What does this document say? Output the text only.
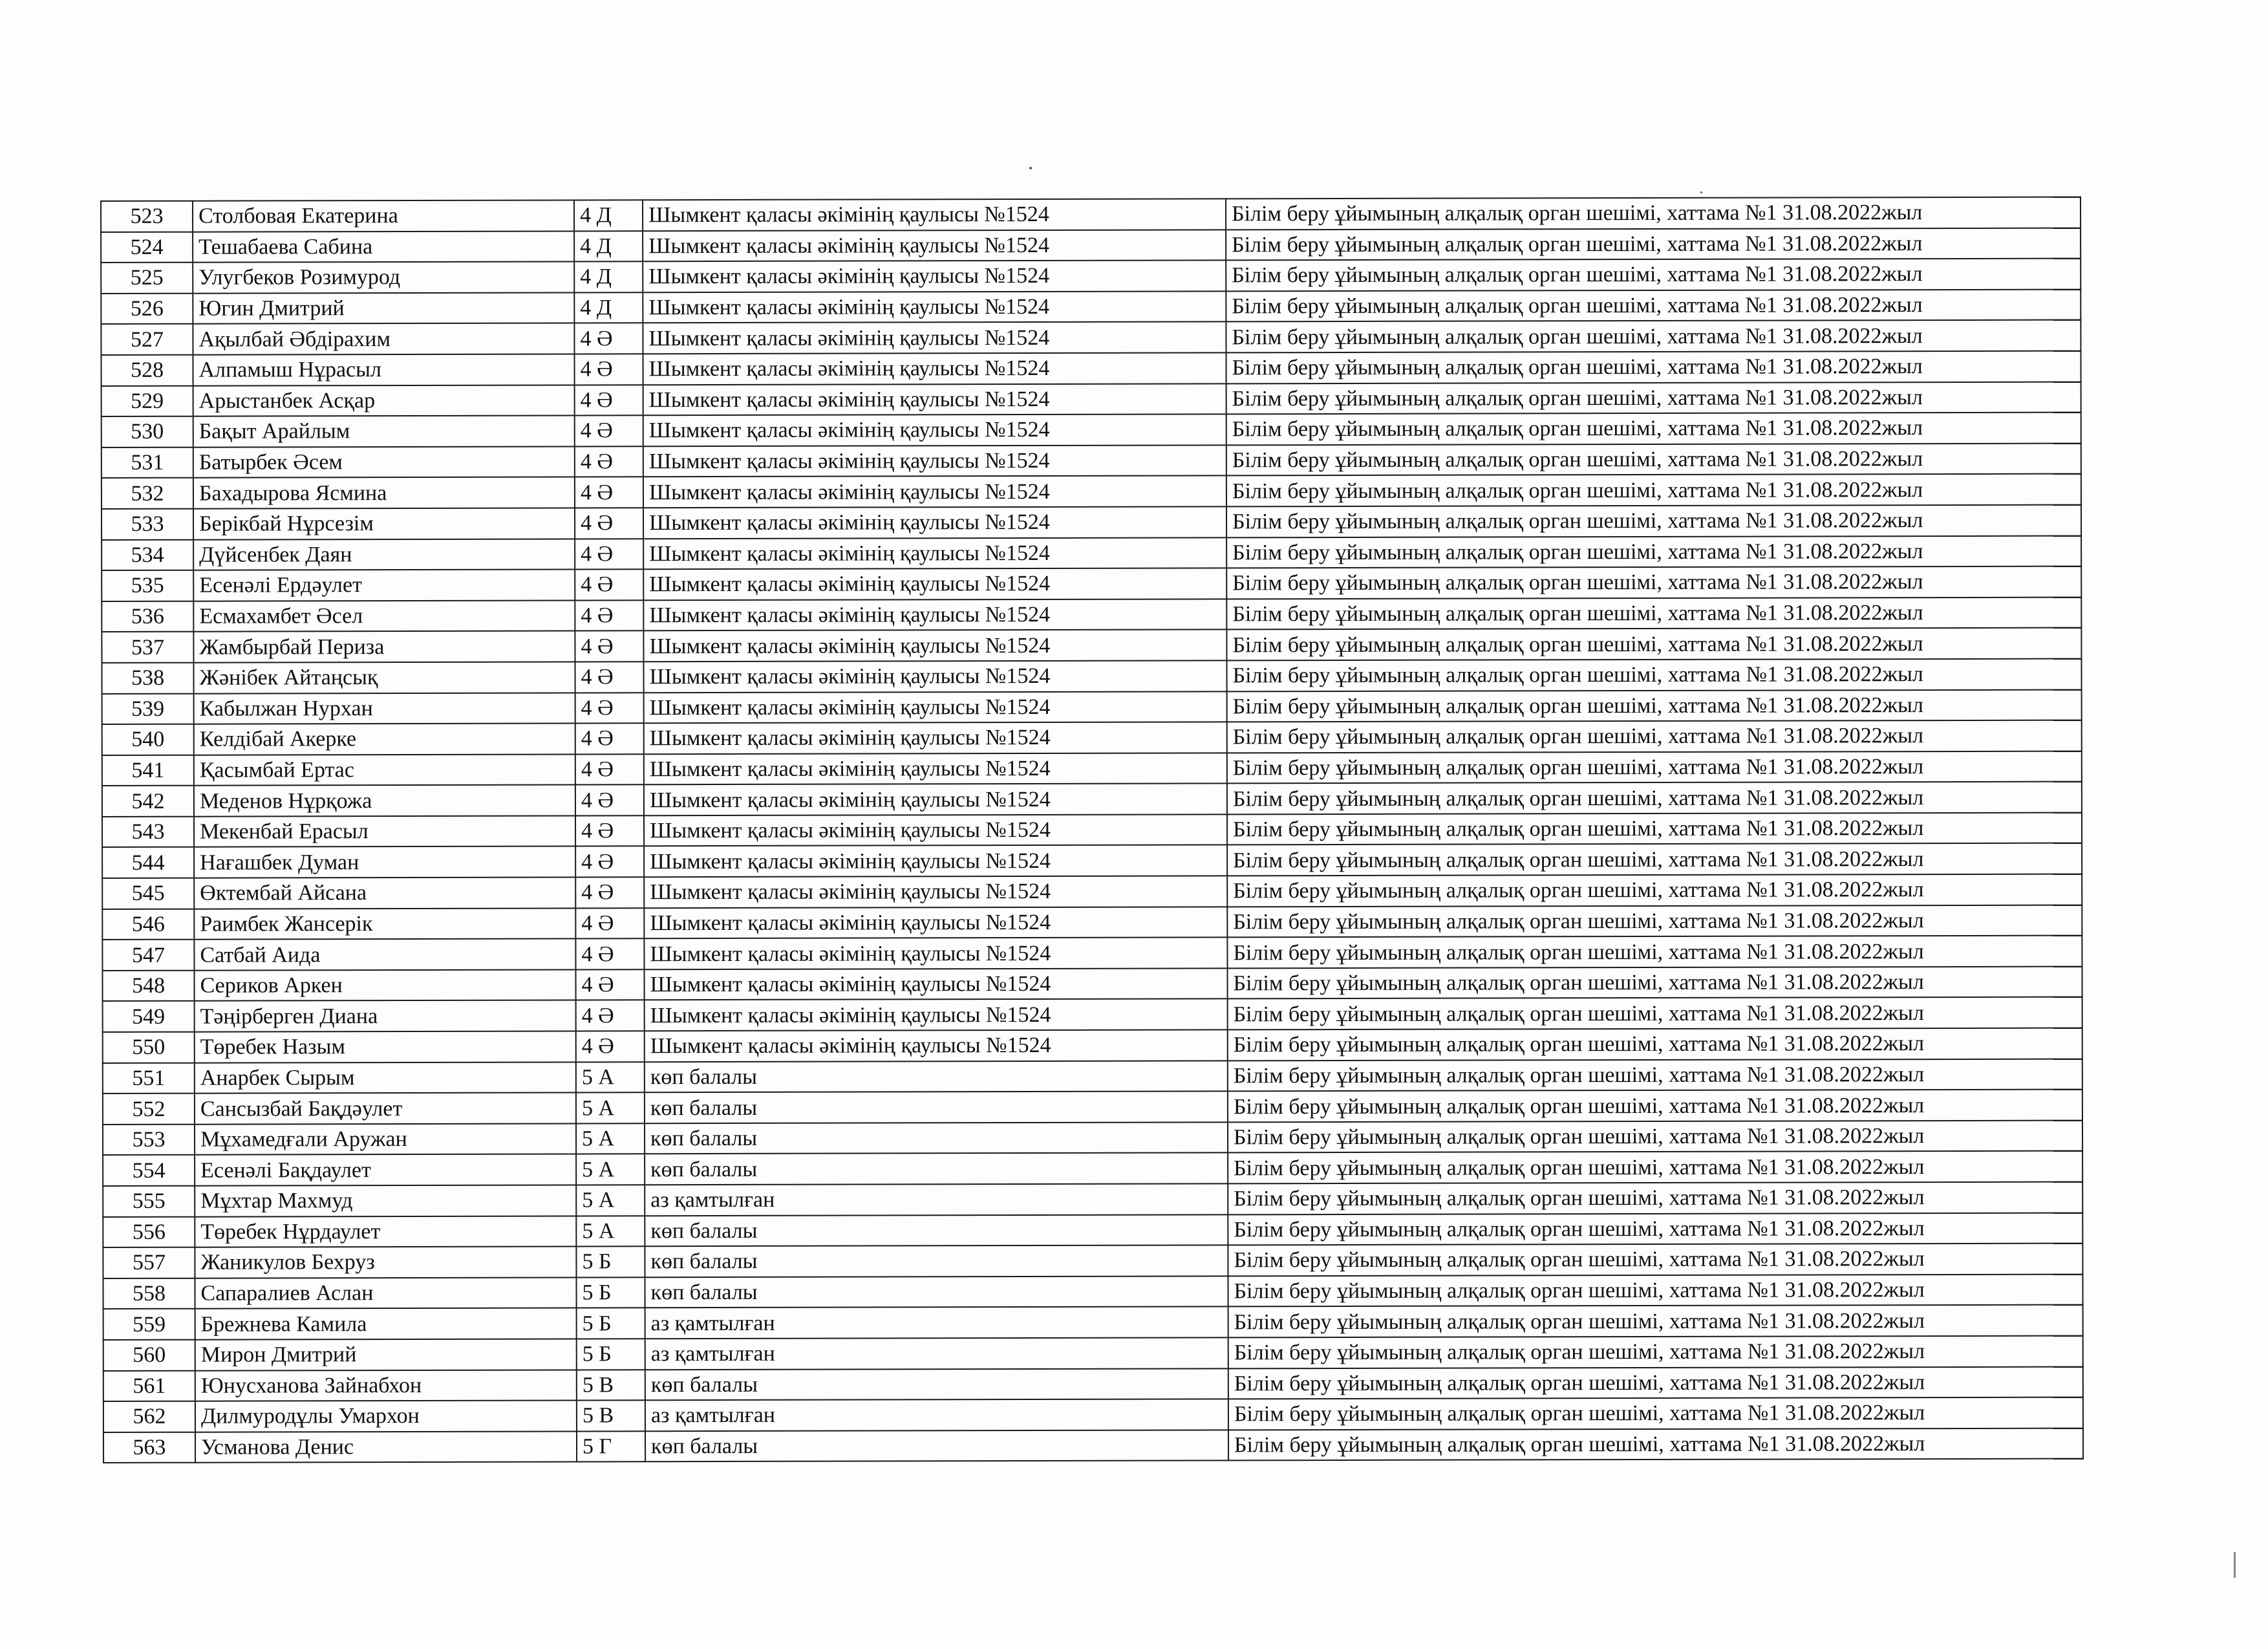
523	Столбовая Екатерина	4 Д	Шымкент қаласы әкімінің қаулысы №1524	Білім беру ұйымының алқалық орган шешімі, хаттама №1 31.08.2022жыл
524	Тешабаева Сабина	4 Д	Шымкент қаласы әкімінің қаулысы №1524	Білім беру ұйымының алқалық орган шешімі, хаттама №1 31.08.2022жыл
525	Улугбеков Розимурод	4 Д	Шымкент қаласы әкімінің қаулысы №1524	Білім беру ұйымының алқалық орган шешімі, хаттама №1 31.08.2022жыл
526	Югин Дмитрий	4 Д	Шымкент қаласы әкімінің қаулысы №1524	Білім беру ұйымының алқалық орган шешімі, хаттама №1 31.08.2022жыл
527	Ақылбай Әбдірахим	4 Ә	Шымкент қаласы әкімінің қаулысы №1524	Білім беру ұйымының алқалық орган шешімі, хаттама №1 31.08.2022жыл
528	Алпамыш Нұрасыл	4 Ә	Шымкент қаласы әкімінің қаулысы №1524	Білім беру ұйымының алқалық орган шешімі, хаттама №1 31.08.2022жыл
529	Арыстанбек Асқар	4 Ә	Шымкент қаласы әкімінің қаулысы №1524	Білім беру ұйымының алқалық орган шешімі, хаттама №1 31.08.2022жыл
530	Бақыт Арайлым	4 Ә	Шымкент қаласы әкімінің қаулысы №1524	Білім беру ұйымының алқалық орган шешімі, хаттама №1 31.08.2022жыл
531	Батырбек Әсем	4 Ә	Шымкент қаласы әкімінің қаулысы №1524	Білім беру ұйымының алқалық орган шешімі, хаттама №1 31.08.2022жыл
532	Бахадырова Ясмина	4 Ә	Шымкент қаласы әкімінің қаулысы №1524	Білім беру ұйымының алқалық орган шешімі, хаттама №1 31.08.2022жыл
533	Берікбай Нұрсезім	4 Ә	Шымкент қаласы әкімінің қаулысы №1524	Білім беру ұйымының алқалық орган шешімі, хаттама №1 31.08.2022жыл
534	Дүйсенбек Даян	4 Ә	Шымкент қаласы әкімінің қаулысы №1524	Білім беру ұйымының алқалық орган шешімі, хаттама №1 31.08.2022жыл
535	Есенәлі Ердәулет	4 Ә	Шымкент қаласы әкімінің қаулысы №1524	Білім беру ұйымының алқалық орган шешімі, хаттама №1 31.08.2022жыл
536	Есмахамбет Әсел	4 Ә	Шымкент қаласы әкімінің қаулысы №1524	Білім беру ұйымының алқалық орган шешімі, хаттама №1 31.08.2022жыл
537	Жамбырбай Периза	4 Ә	Шымкент қаласы әкімінің қаулысы №1524	Білім беру ұйымының алқалық орган шешімі, хаттама №1 31.08.2022жыл
538	Жәнібек Айтаңсық	4 Ә	Шымкент қаласы әкімінің қаулысы №1524	Білім беру ұйымының алқалық орган шешімі, хаттама №1 31.08.2022жыл
539	Кабылжан Нурхан	4 Ә	Шымкент қаласы әкімінің қаулысы №1524	Білім беру ұйымының алқалық орган шешімі, хаттама №1 31.08.2022жыл
540	Келдібай Акерке	4 Ә	Шымкент қаласы әкімінің қаулысы №1524	Білім беру ұйымының алқалық орган шешімі, хаттама №1 31.08.2022жыл
541	Қасымбай Ертас	4 Ә	Шымкент қаласы әкімінің қаулысы №1524	Білім беру ұйымының алқалық орган шешімі, хаттама №1 31.08.2022жыл
542	Меденов Нұрқожа	4 Ә	Шымкент қаласы әкімінің қаулысы №1524	Білім беру ұйымының алқалық орган шешімі, хаттама №1 31.08.2022жыл
543	Мекенбай Ерасыл	4 Ә	Шымкент қаласы әкімінің қаулысы №1524	Білім беру ұйымының алқалық орган шешімі, хаттама №1 31.08.2022жыл
544	Нағашбек Думан	4 Ә	Шымкент қаласы әкімінің қаулысы №1524	Білім беру ұйымының алқалық орган шешімі, хаттама №1 31.08.2022жыл
545	Өктембай Айсана	4 Ә	Шымкент қаласы әкімінің қаулысы №1524	Білім беру ұйымының алқалық орган шешімі, хаттама №1 31.08.2022жыл
546	Раимбек Жансерік	4 Ә	Шымкент қаласы әкімінің қаулысы №1524	Білім беру ұйымының алқалық орган шешімі, хаттама №1 31.08.2022жыл
547	Сатбай Аида	4 Ә	Шымкент қаласы әкімінің қаулысы №1524	Білім беру ұйымының алқалық орган шешімі, хаттама №1 31.08.2022жыл
548	Сериков Аркен	4 Ә	Шымкент қаласы әкімінің қаулысы №1524	Білім беру ұйымының алқалық орган шешімі, хаттама №1 31.08.2022жыл
549	Тәңірберген Диана	4 Ә	Шымкент қаласы әкімінің қаулысы №1524	Білім беру ұйымының алқалық орган шешімі, хаттама №1 31.08.2022жыл
550	Төребек Назым	4 Ә	Шымкент қаласы әкімінің қаулысы №1524	Білім беру ұйымының алқалық орган шешімі, хаттама №1 31.08.2022жыл
551	Анарбек Сырым	5 А	көп балалы	Білім беру ұйымының алқалық орган шешімі, хаттама №1 31.08.2022жыл
552	Сансызбай Бақдәулет	5 А	көп балалы	Білім беру ұйымының алқалық орган шешімі, хаттама №1 31.08.2022жыл
553	Мұхамедғали Аружан	5 А	көп балалы	Білім беру ұйымының алқалық орган шешімі, хаттама №1 31.08.2022жыл
554	Есенәлі Бақдаулет	5 А	көп балалы	Білім беру ұйымының алқалық орган шешімі, хаттама №1 31.08.2022жыл
555	Мұхтар Махмуд	5 А	аз қамтылған	Білім беру ұйымының алқалық орган шешімі, хаттама №1 31.08.2022жыл
556	Төребек Нұрдаулет	5 А	көп балалы	Білім беру ұйымының алқалық орган шешімі, хаттама №1 31.08.2022жыл
557	Жаникулов Бехруз	5 Б	көп балалы	Білім беру ұйымының алқалық орган шешімі, хаттама №1 31.08.2022жыл
558	Сапаралиев Аслан	5 Б	көп балалы	Білім беру ұйымының алқалық орган шешімі, хаттама №1 31.08.2022жыл
559	Брежнева Камила	5 Б	аз қамтылған	Білім беру ұйымының алқалық орган шешімі, хаттама №1 31.08.2022жыл
560	Мирон Дмитрий	5 Б	аз қамтылған	Білім беру ұйымының алқалық орган шешімі, хаттама №1 31.08.2022жыл
561	Юнусханова Зайнабхон	5 В	көп балалы	Білім беру ұйымының алқалық орган шешімі, хаттама №1 31.08.2022жыл
562	Дилмуродұлы Умархон	5 В	аз қамтылған	Білім беру ұйымының алқалық орган шешімі, хаттама №1 31.08.2022жыл
563	Усманова Денис	5 Г	көп балалы	Білім беру ұйымының алқалық орган шешімі, хаттама №1 31.08.2022жыл
